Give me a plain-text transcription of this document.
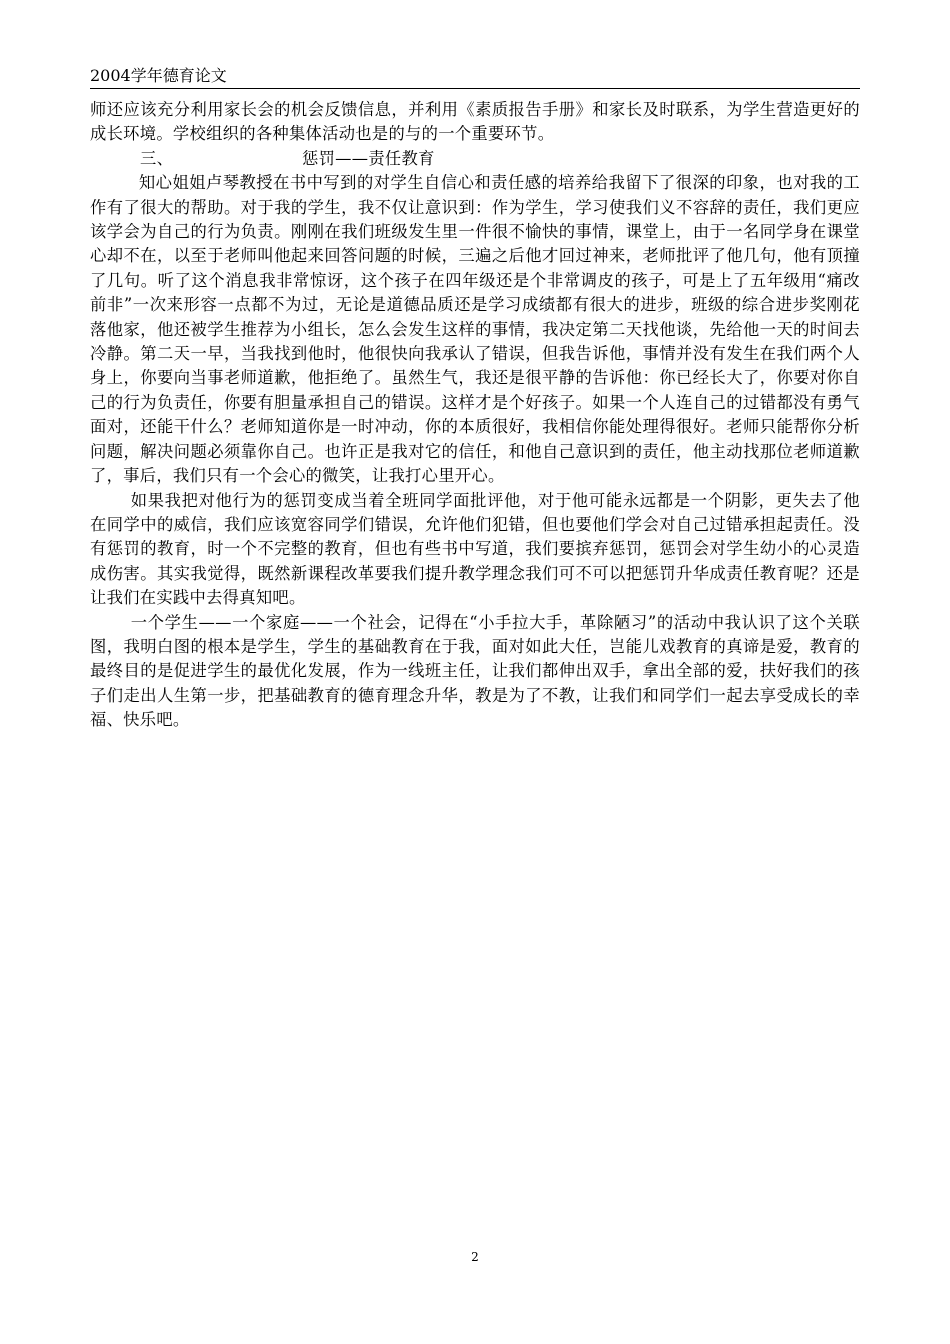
2004学年德育论文

师还应该充分利用家长会的机会反馈信息，并利用《素质报告手册》和家长及时联系，为学生营造更好的成长环境。学校组织的各种集体活动也是的与的一个重要环节。

三、	惩罚——责任教育

知心姐姐卢琴教授在书中写到的对学生自信心和责任感的培养给我留下了很深的印象，也对我的工作有了很大的帮助。对于我的学生，我不仅让意识到：作为学生，学习使我们义不容辞的责任，我们更应该学会为自己的行为负责。刚刚在我们班级发生里一件很不愉快的事情，课堂上，由于一名同学身在课堂心却不在，以至于老师叫他起来回答问题的时候，三遍之后他才回过神来，老师批评了他几句，他有顶撞了几句。听了这个消息我非常惊讶，这个孩子在四年级还是个非常调皮的孩子，可是上了五年级用“痛改前非”一次来形容一点都不为过，无论是道德品质还是学习成绩都有很大的进步，班级的综合进步奖刚花落他家，他还被学生推荐为小组长，怎么会发生这样的事情，我决定第二天找他谈，先给他一天的时间去冷静。第二天一早，当我找到他时，他很快向我承认了错误，但我告诉他，事情并没有发生在我们两个人身上，你要向当事老师道歉，他拒绝了。虽然生气，我还是很平静的告诉他：你已经长大了，你要对你自己的行为负责任，你要有胆量承担自己的错误。这样才是个好孩子。如果一个人连自己的过错都没有勇气面对，还能干什么？老师知道你是一时冲动，你的本质很好，我相信你能处理得很好。老师只能帮你分析问题，解决问题必须靠你自己。也许正是我对它的信任，和他自己意识到的责任，他主动找那位老师道歉了，事后，我们只有一个会心的微笑，让我打心里开心。

如果我把对他行为的惩罚变成当着全班同学面批评他，对于他可能永远都是一个阴影，更失去了他在同学中的威信，我们应该宽容同学们错误，允许他们犯错，但也要他们学会对自己过错承担起责任。没有惩罚的教育，时一个不完整的教育，但也有些书中写道，我们要摈弃惩罚，惩罚会对学生幼小的心灵造成伤害。其实我觉得，既然新课程改革要我们提升教学理念我们可不可以把惩罚升华成责任教育呢？还是让我们在实践中去得真知吧。

一个学生——一个家庭——一个社会，记得在“小手拉大手，革除陋习”的活动中我认识了这个关联图，我明白图的根本是学生，学生的基础教育在于我，面对如此大任，岂能儿戏教育的真谛是爱，教育的最终目的是促进学生的最优化发展，作为一线班主任，让我们都伸出双手，拿出全部的爱，扶好我们的孩子们走出人生第一步，把基础教育的德育理念升华，教是为了不教，让我们和同学们一起去享受成长的幸福、快乐吧。

2
